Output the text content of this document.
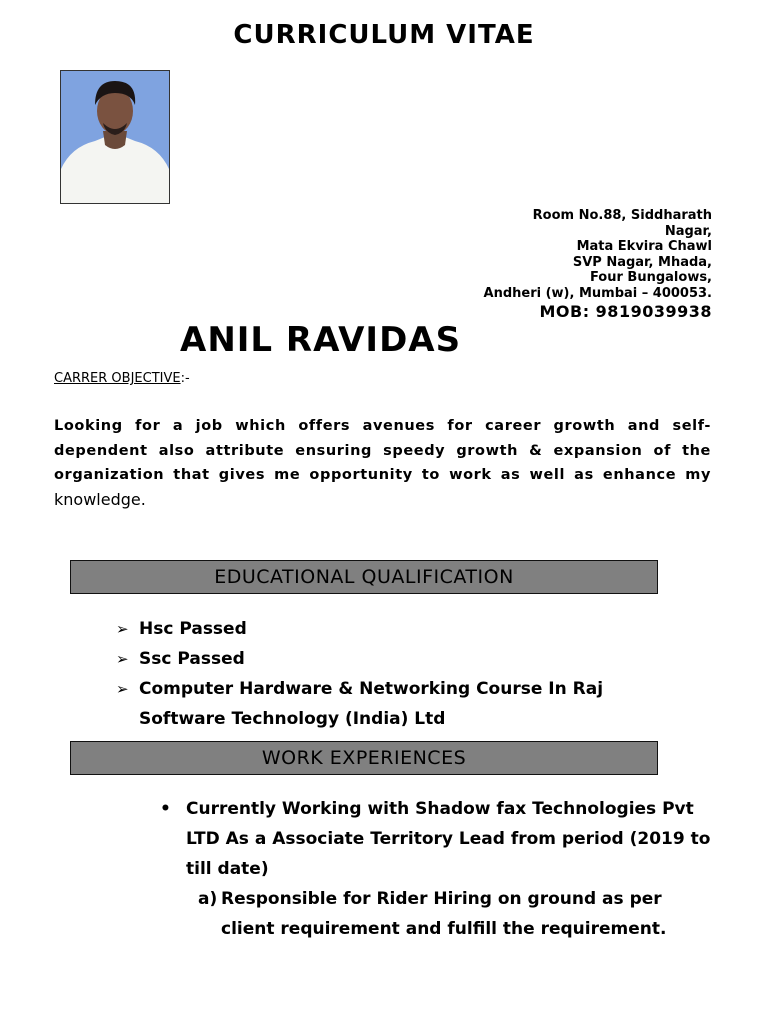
CURRICULUM VITAE
Room No.88, Siddharath
Nagar,
Mata Ekvira Chawl
SVP Nagar, Mhada,
Four Bungalows,
Andheri (w), Mumbai – 400053.
MOB: 9819039938
ANIL RAVIDAS
CARRER OBJECTIVE:-
Looking for a job which offers avenues for career growth and self-dependent also attribute ensuring speedy growth & expansion of the organization that gives me opportunity to work as well as enhance my knowledge.
EDUCATIONAL QUALIFICATION
➢ Hsc Passed
➢ Ssc Passed
➢ Computer Hardware & Networking Course In Raj Software Technology (India) Ltd
WORK EXPERIENCES
• Currently Working with Shadow fax Technologies Pvt LTD As a Associate Territory Lead from period (2019 to till date)
a) Responsible for Rider Hiring on ground as per client requirement and fulfill the requirement.
